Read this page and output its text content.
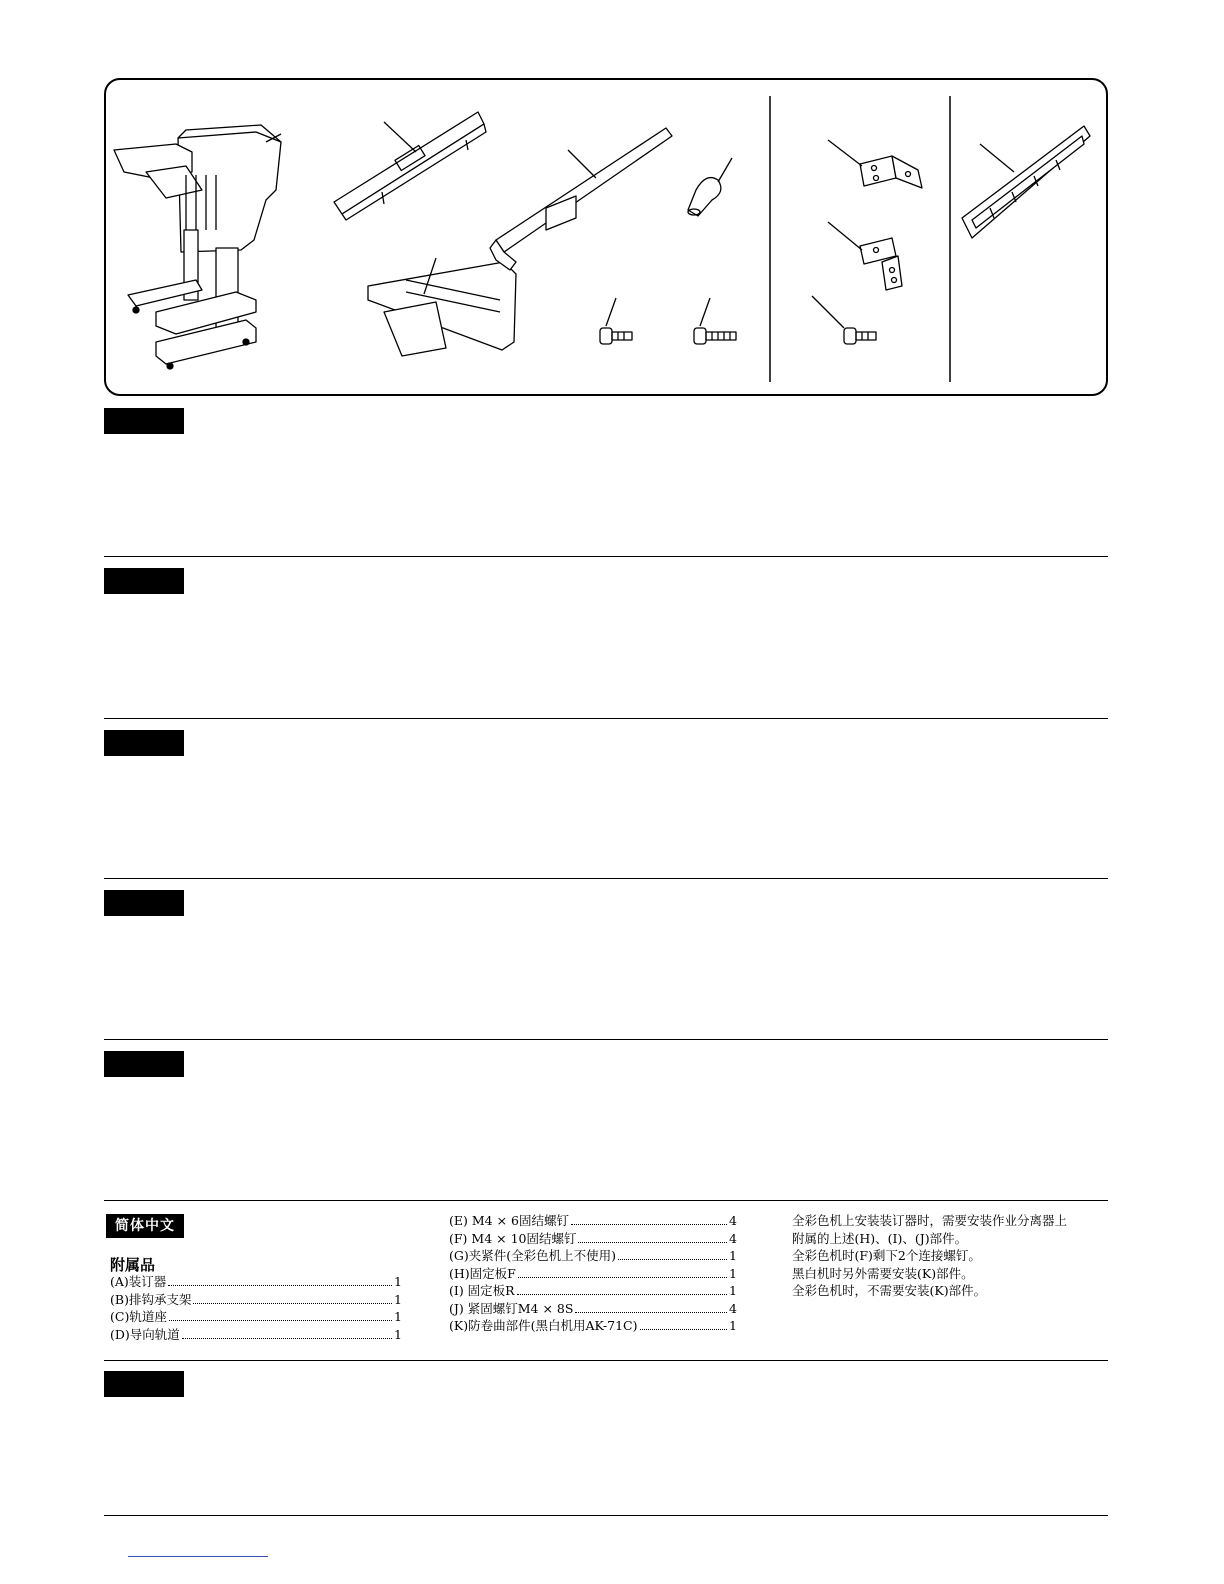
简体中文
附属品
(A)装订器	1
(B)排钩承支架	1
(C)轨道座	1
(D)导向轨道	1
(E) M4 × 6固结螺钉	4
(F) M4 × 10固结螺钉	4
(G)夹紧件(全彩色机上不使用)	1
(H)固定板F	1
(I) 固定板R	1
(J) 紧固螺钉M4 × 8S	4
(K)防卷曲部件(黑白机用AK-71C)	1
全彩色机上安装装订器时，需要安装作业分离器上
附属的上述(H)、(I)、(J)部件。
全彩色机时(F)剩下2个连接螺钉。
黑白机时另外需要安装(K)部件。
全彩色机时，不需要安装(K)部件。
